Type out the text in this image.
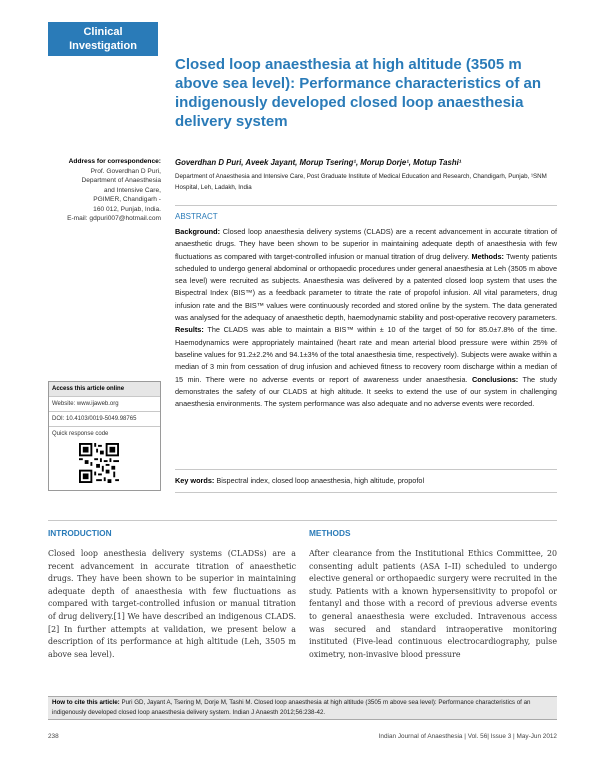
Clinical
Investigation
Closed loop anaesthesia at high altitude (3505 m above sea level): Performance characteristics of an indigenously developed closed loop anaesthesia delivery system
Address for correspondence:
Prof. Goverdhan D Puri,
Department of Anaesthesia
and Intensive Care,
PGIMER, Chandigarh -
160 012, Punjab, India.
E-mail: gdpuri007@hotmail.com
Goverdhan D Puri, Aveek Jayant, Morup Tsering¹, Morup Dorje¹, Motup Tashi¹
Department of Anaesthesia and Intensive Care, Post Graduate Institute of Medical Education and Research, Chandigarh, Punjab, ¹SNM Hospital, Leh, Ladakh, India
ABSTRACT
Background: Closed loop anaesthesia delivery systems (CLADS) are a recent advancement in accurate titration of anaesthetic drugs. They have been shown to be superior in maintaining adequate depth of anaesthesia with few fluctuations as compared with target-controlled infusion or manual titration of drug delivery. Methods: Twenty patients scheduled to undergo general abdominal or orthopaedic procedures under general anaesthesia at Leh (3505 m above sea level) were recruited as subjects. Anaesthesia was delivered by a patented closed loop system that uses the Bispectral Index (BIS™) as a feedback parameter to titrate the rate of propofol infusion. All vital parameters, drug infusion rate and the BIS™ values were continuously recorded and stored online by the system. The data generated was analysed for the adequacy of anaesthetic depth, haemodynamic stability and post-operative recovery parameters. Results: The CLADS was able to maintain a BIS™ within ± 10 of the target of 50 for 85.0±7.8% of the time. Haemodynamics were appropriately maintained (heart rate and mean arterial blood pressure were within 25% of baseline values for 91.2±2.2% and 94.1±3% of the total anaesthesia time, respectively). Subjects were awake within a median of 3 min from cessation of drug infusion and achieved fitness to recovery room discharge within a median of 15 min. There were no adverse events or report of awareness under anaesthesia. Conclusions: The study demonstrates the safety of our CLADS at high altitude. It seeks to extend the use of our system in challenging anaesthesia environments. The system performance was also adequate and no adverse events were recorded.
Key words: Bispectral index, closed loop anaesthesia, high altitude, propofol
Access this article online
Website: www.ijaweb.org
DOI: 10.4103/0019-5049.98765
Quick response code
INTRODUCTION
Closed loop anesthesia delivery systems (CLADSs) are a recent advancement in accurate titration of anaesthetic drugs. They have been shown to be superior in maintaining adequate depth of anaesthesia with few fluctuations as compared with target-controlled infusion or manual titration of drug delivery.[1] We have described an indigenous CLADS.[2] In further attempts at validation, we present below a description of its performance at high altitude (Leh, 3505 m above sea level).
METHODS
After clearance from the Institutional Ethics Committee, 20 consenting adult patients (ASA I–II) scheduled to undergo elective general or orthopaedic surgery were recruited in the study. Patients with a known hypersensitivity to propofol or fentanyl and those with a record of previous adverse events to general anaesthesia were excluded. Intravenous access was secured and standard intraoperative monitoring instituted (Five-lead continuous electrocardiography, pulse oximetry, non-invasive blood pressure
How to cite this article: Puri GD, Jayant A, Tsering M, Dorje M, Tashi M. Closed loop anaesthesia at high altitude (3505 m above sea level): Performance characteristics of an indigenously developed closed loop anaesthesia delivery system. Indian J Anaesth 2012;56:238-42.
238	Indian Journal of Anaesthesia | Vol. 56| Issue 3 | May-Jun 2012
